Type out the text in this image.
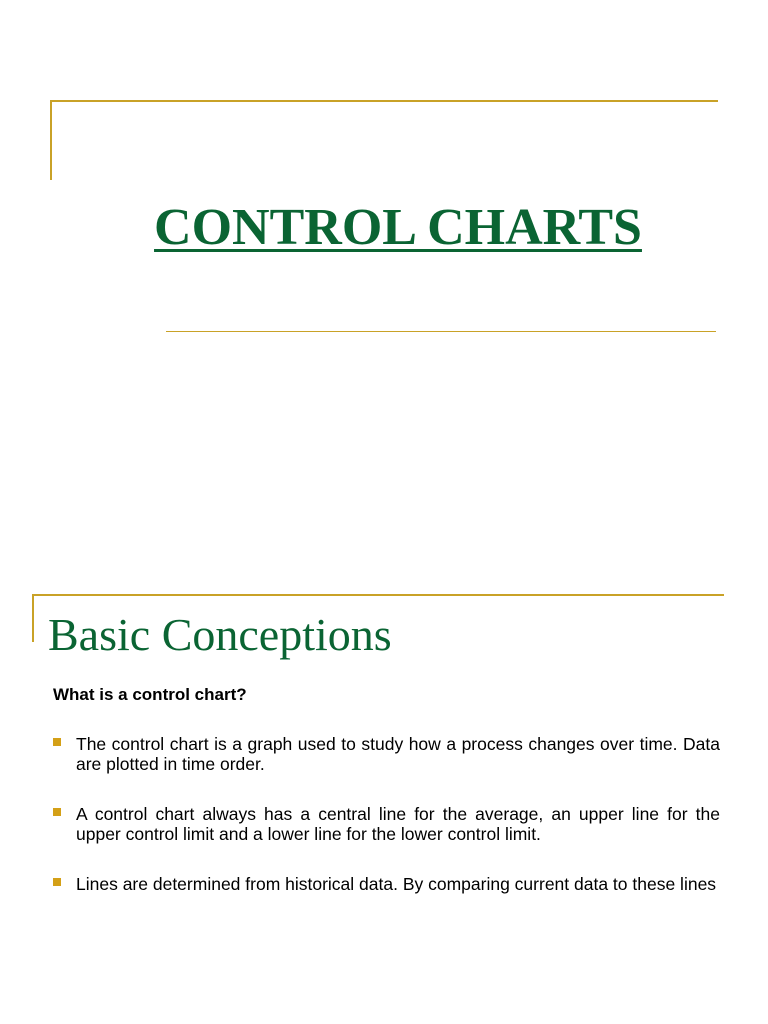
CONTROL CHARTS
Basic Conceptions

What is a control chart?

The control chart is a graph used to study how a process changes over time. Data are plotted in time order.
A control chart always has a central line for the average, an upper line for the upper control limit and a lower line for the lower control limit.
Lines are determined from historical data. By comparing current data to these lines
